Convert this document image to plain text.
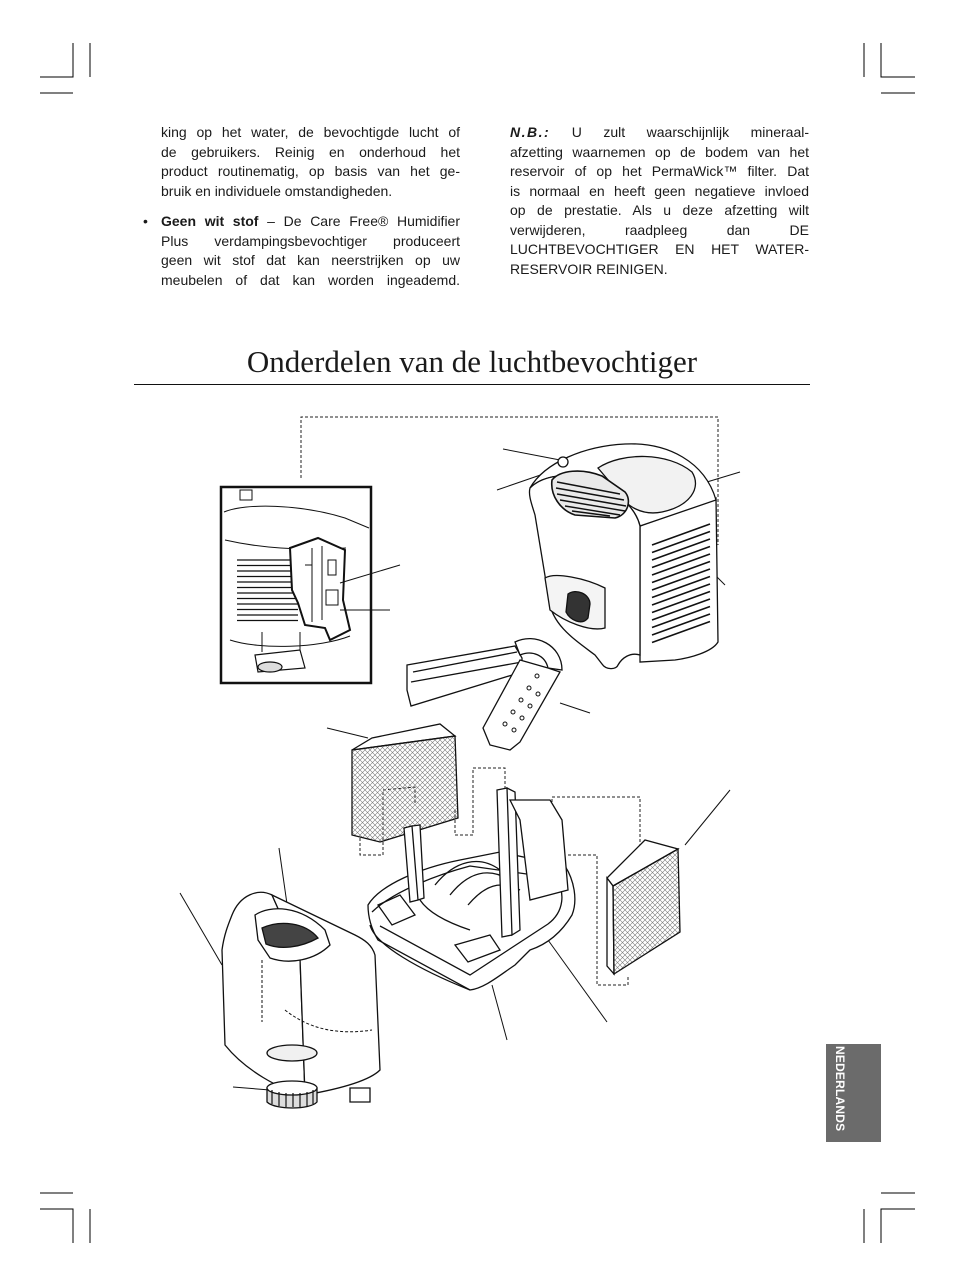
king op het water, de bevochtigde lucht of
de gebruikers. Reinig en onderhoud het
product routinematig, op basis van het ge-
bruik en individuele omstandigheden.
• Geen wit stof – De Care Free® Humidifier
Plus verdampingsbevochtiger produceert
geen wit stof dat kan neerstrijken op uw
meubelen of dat kan worden ingeademd.
N.B.: U zult waarschijnlijk mineraal-
afzetting waarnemen op de bodem van het
reservoir of op het PermaWick™ filter. Dat
is normaal en heeft geen negatieve invloed
op de prestatie. Als u deze afzetting wilt
verwijderen, raadpleeg dan DE
LUCHTBEVOCHTIGER EN HET WATER-
RESERVOIR REINIGEN.
Onderdelen van de luchtbevochtiger
NEDERLANDS
